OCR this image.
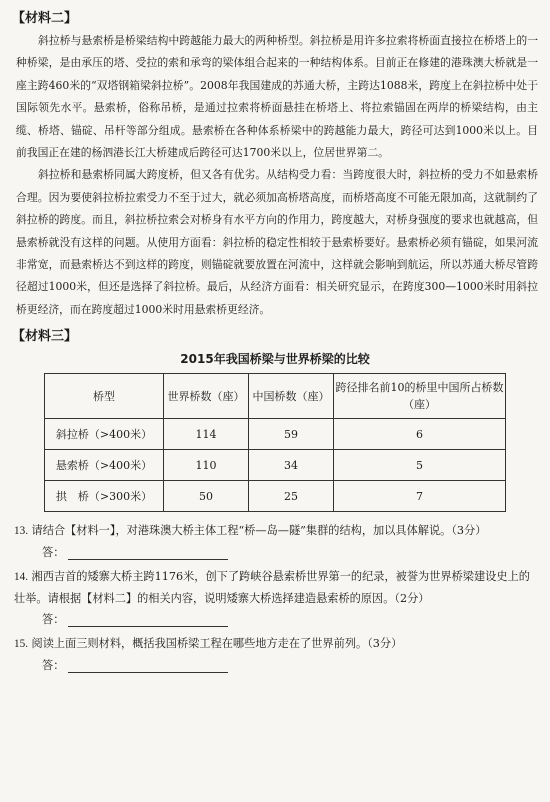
【材料二】

斜拉桥与悬索桥是桥梁结构中跨越能力最大的两种桥型。斜拉桥是用许多拉索将桥面直接拉在桥塔上的一种桥梁，是由承压的塔、受拉的索和承弯的梁体组合起来的一种结构体系。目前正在修建的港珠澳大桥就是一座主跨460米的“双塔钢箱梁斜拉桥”。2008年我国建成的苏通大桥，主跨达1088米，跨度上在斜拉桥中处于国际领先水平。悬索桥，俗称吊桥，是通过拉索将桥面悬挂在桥塔上、将拉索锚固在两岸的桥梁结构，由主缆、桥塔、锚碇、吊杆等部分组成。悬索桥在各种体系桥梁中的跨越能力最大，跨径可达到1000米以上。目前我国正在建的杨泗港长江大桥建成后跨径可达1700米以上，位居世界第二。

斜拉桥和悬索桥同属大跨度桥，但又各有优劣。从结构受力看：当跨度很大时，斜拉桥的受力不如悬索桥合理。因为要使斜拉桥拉索受力不至于过大，就必须加高桥塔高度，而桥塔高度不可能无限加高，这就制约了斜拉桥的跨度。而且，斜拉桥拉索会对桥身有水平方向的作用力，跨度越大，对桥身强度的要求也就越高，但悬索桥就没有这样的问题。从使用方面看：斜拉桥的稳定性相较于悬索桥要好。悬索桥必须有锚碇，如果河流非常宽，而悬索桥达不到这样的跨度，则锚碇就要放置在河流中，这样就会影响到航运，所以苏通大桥尽管跨径超过1000米，但还是选择了斜拉桥。最后，从经济方面看：相关研究显示，在跨度300—1000米时用斜拉桥更经济，而在跨度超过1000米时用悬索桥更经济。

【材料三】
2015年我国桥梁与世界桥梁的比较
桥型	世界桥数（座）	中国桥数（座）	跨径排名前10的桥里中国所占桥数（座）
斜拉桥（>400米）	114	59	6
悬索桥（>400米）	110	34	5
拱　桥（>300米）	50	25	7

13. 请结合【材料一】，对港珠澳大桥主体工程“桥—岛—隧”集群的结构，加以具体解说。（3分）

答：

14. 湘西吉首的矮寨大桥主跨1176米，创下了跨峡谷悬索桥世界第一的纪录，被誉为世界桥梁建设史上的壮举。请根据【材料二】的相关内容，说明矮寨大桥选择建造悬索桥的原因。（2分）

答：

15. 阅读上面三则材料，概括我国桥梁工程在哪些地方走在了世界前列。（3分）

答：
